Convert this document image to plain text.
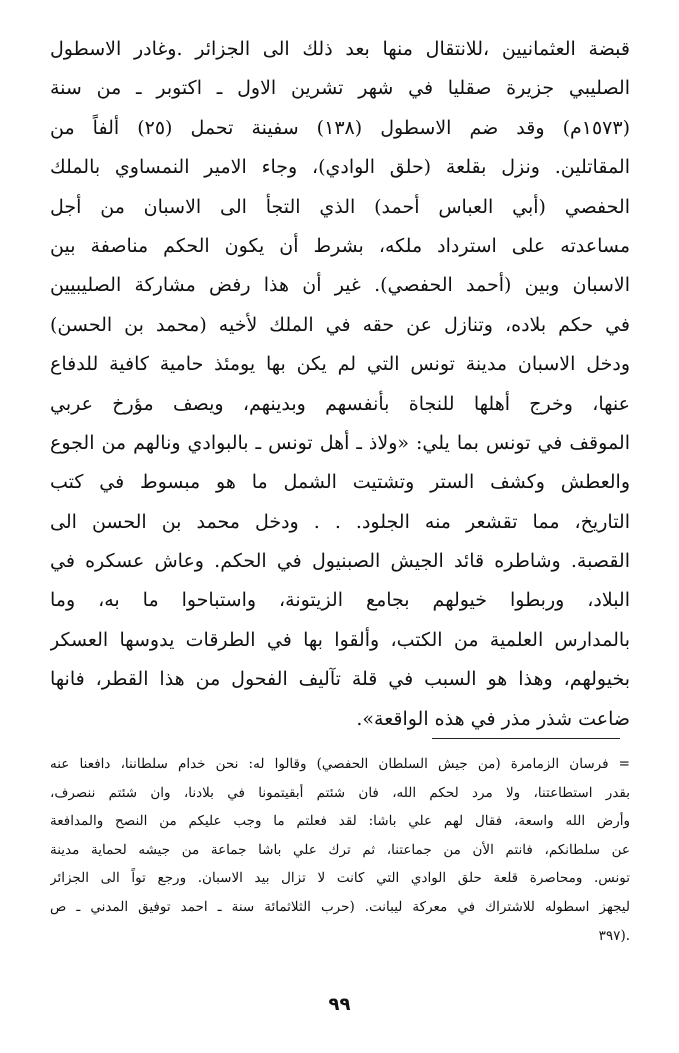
قبضة العثمانيين ،للانتقال منها بعد ذلك الى الجزائر .وغادر الاسطول

الصليبي جزيرة صقليا في شهر تشرين الاول ـ اكتوبر ـ من سنة

(١٥٧٣م) وقد ضم الاسطول (١٣٨) سفينة تحمل (٢٥) ألفاً من

المقاتلين. ونزل بقلعة (حلق الوادي)، وجاء الامير النمساوي بالملك

الحفصي (أبي العباس أحمد) الذي التجأ الى الاسبان من أجل

مساعدته على استرداد ملكه، بشرط أن يكون الحكم مناصفة بين

الاسبان وبين (أحمد الحفصي). غير أن هذا رفض مشاركة الصليبيين

في حكم بلاده، وتنازل عن حقه في الملك لأخيه (محمد بن الحسن)

ودخل الاسبان مدينة تونس التي لم يكن بها يومئذ حامية كافية للدفاع

عنها، وخرج أهلها للنجاة بأنفسهم وبدينهم، ويصف مؤرخ عربي

الموقف في تونس بما يلي: «ولاذ ـ أهل تونس ـ بالبوادي ونالهم من الجوع

والعطش وكشف الستر وتشتيت الشمل ما هو مبسوط في كتب

التاريخ، مما تقشعر منه الجلود. . . ودخل محمد بن الحسن الى

القصبة. وشاطره قائد الجيش الصبنيول في الحكم. وعاش عسكره في

البلاد، وربطوا خيولهم بجامع الزيتونة، واستباحوا ما به، وما

بالمدارس العلمية من الكتب، وألقوا بها في الطرقات يدوسها العسكر

بخيولهم، وهذا هو السبب في قلة تآليف الفحول من هذا القطر، فانها

ضاعت شذر مذر في هذه الواقعة».

= فرسان الزمامرة (من جيش السلطان الحفصي) وقالوا له: نحن خدام سلطاننا، دافعنا عنه

بقدر استطاعتنا، ولا مرد لحكم الله، فان شئتم أبقيتمونا في بلادنا، وان شئتم ننصرف،

وأرض الله واسعة، فقال لهم علي باشا: لقد فعلتم ما وجب عليكم من النصح والمدافعة

عن سلطانكم، فانتم الأن من جماعتنا، ثم ترك علي باشا جماعة من جيشه لحماية مدينة

تونس. ومحاصرة قلعة حلق الوادي التي كانت لا تزال بيد الاسبان. ورجع تواً الى الجزائر

ليجهز اسطوله للاشتراك في معركة ليبانت. (حرب الثلاثمائة سنة ـ احمد توفيق المدني ـ ص

.(٣٩٧

٩٩
